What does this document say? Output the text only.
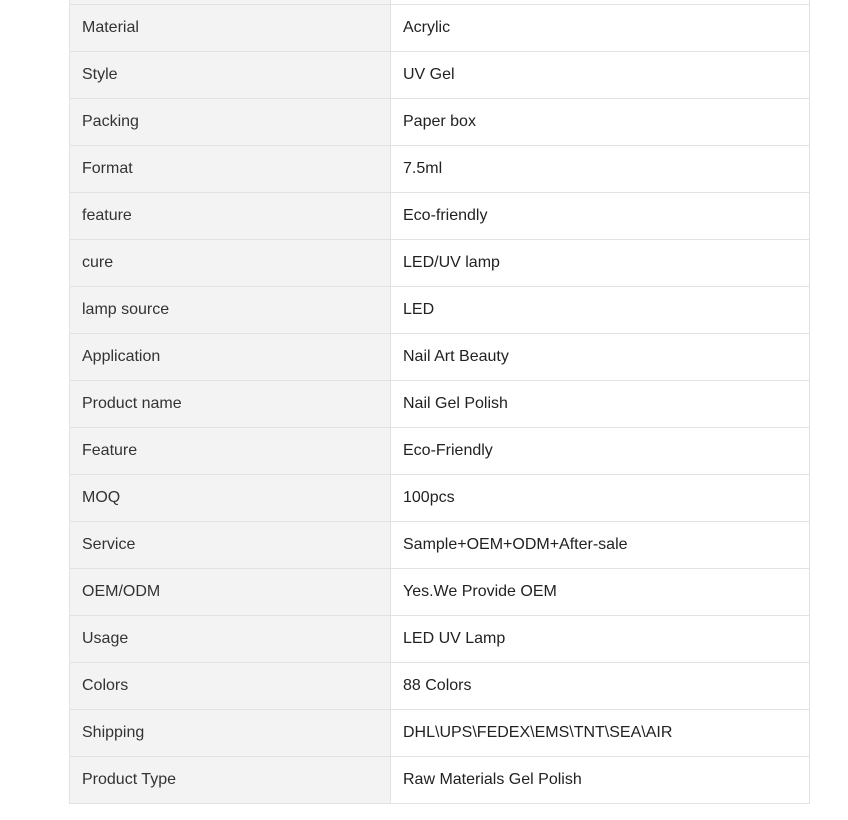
Material	Acrylic
Style	UV Gel
Packing	Paper box
Format	7.5ml
feature	Eco-friendly
cure	LED/UV lamp
lamp source	LED
Application	Nail Art Beauty
Product name	Nail Gel Polish
Feature	Eco-Friendly
MOQ	100pcs
Service	Sample+OEM+ODM+After-sale
OEM/ODM	Yes.We Provide OEM
Usage	LED UV Lamp
Colors	88 Colors
Shipping	DHL\UPS\FEDEX\EMS\TNT\SEA\AIR
Product Type	Raw Materials Gel Polish
